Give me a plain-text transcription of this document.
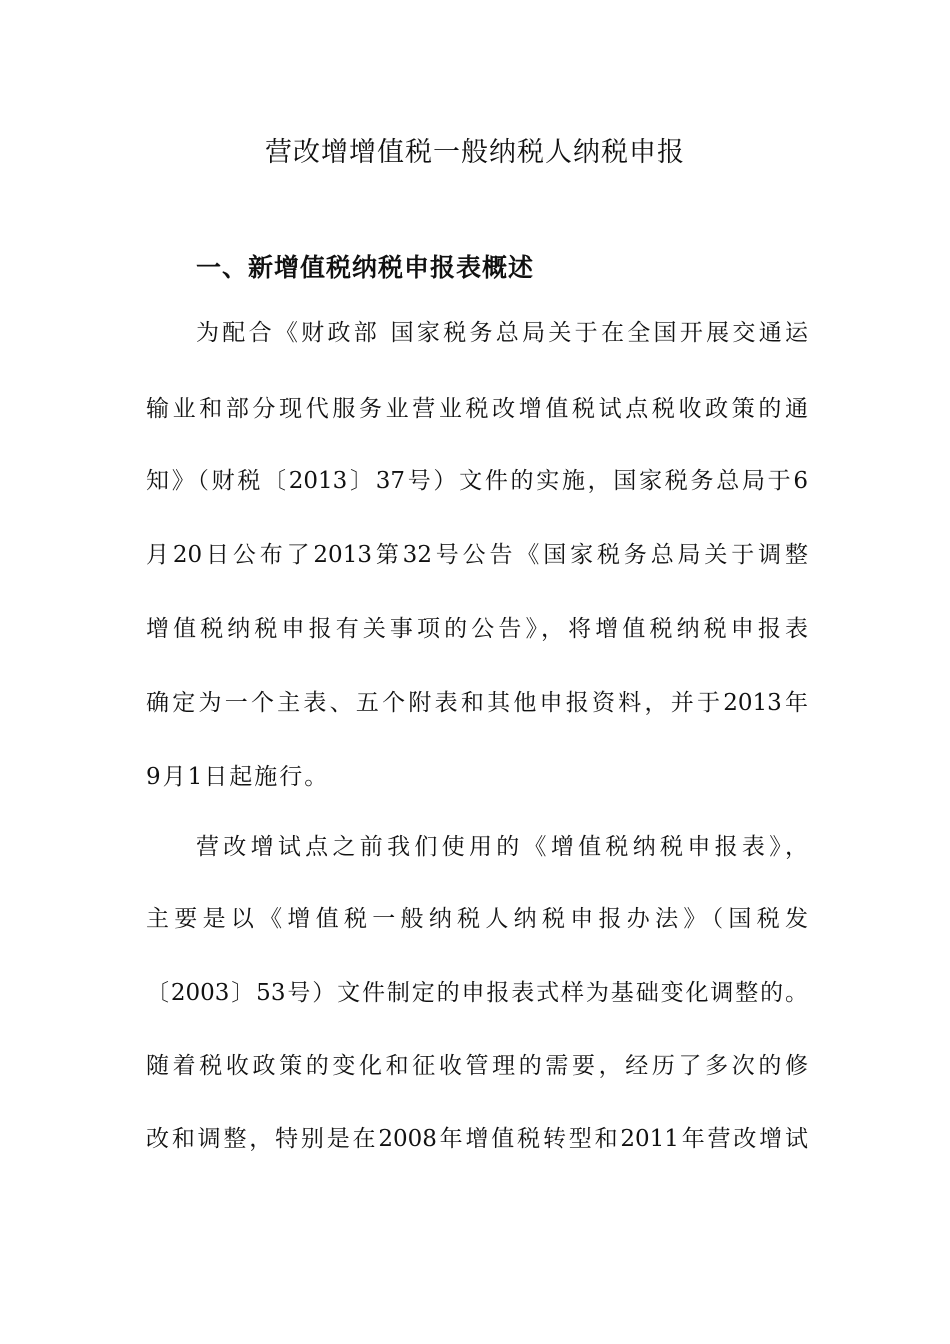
营改增增值税一般纳税人纳税申报
一、新增值税纳税申报表概述
为配合《财政部 国家税务总局关于在全国开展交通运
输业和部分现代服务业营业税改增值税试点税收政策的通
知》（财税〔2013〕37号）文件的实施，国家税务总局于6
月20日公布了2013第32号公告《国家税务总局关于调整
增值税纳税申报有关事项的公告》，将增值税纳税申报表
确定为一个主表、五个附表和其他申报资料，并于2013年
9月1日起施行。
营改增试点之前我们使用的《增值税纳税申报表》，
主要是以《增值税一般纳税人纳税申报办法》（国税发
〔2003〕53号）文件制定的申报表式样为基础变化调整的。
随着税收政策的变化和征收管理的需要，经历了多次的修
改和调整，特别是在2008年增值税转型和2011年营改增试
